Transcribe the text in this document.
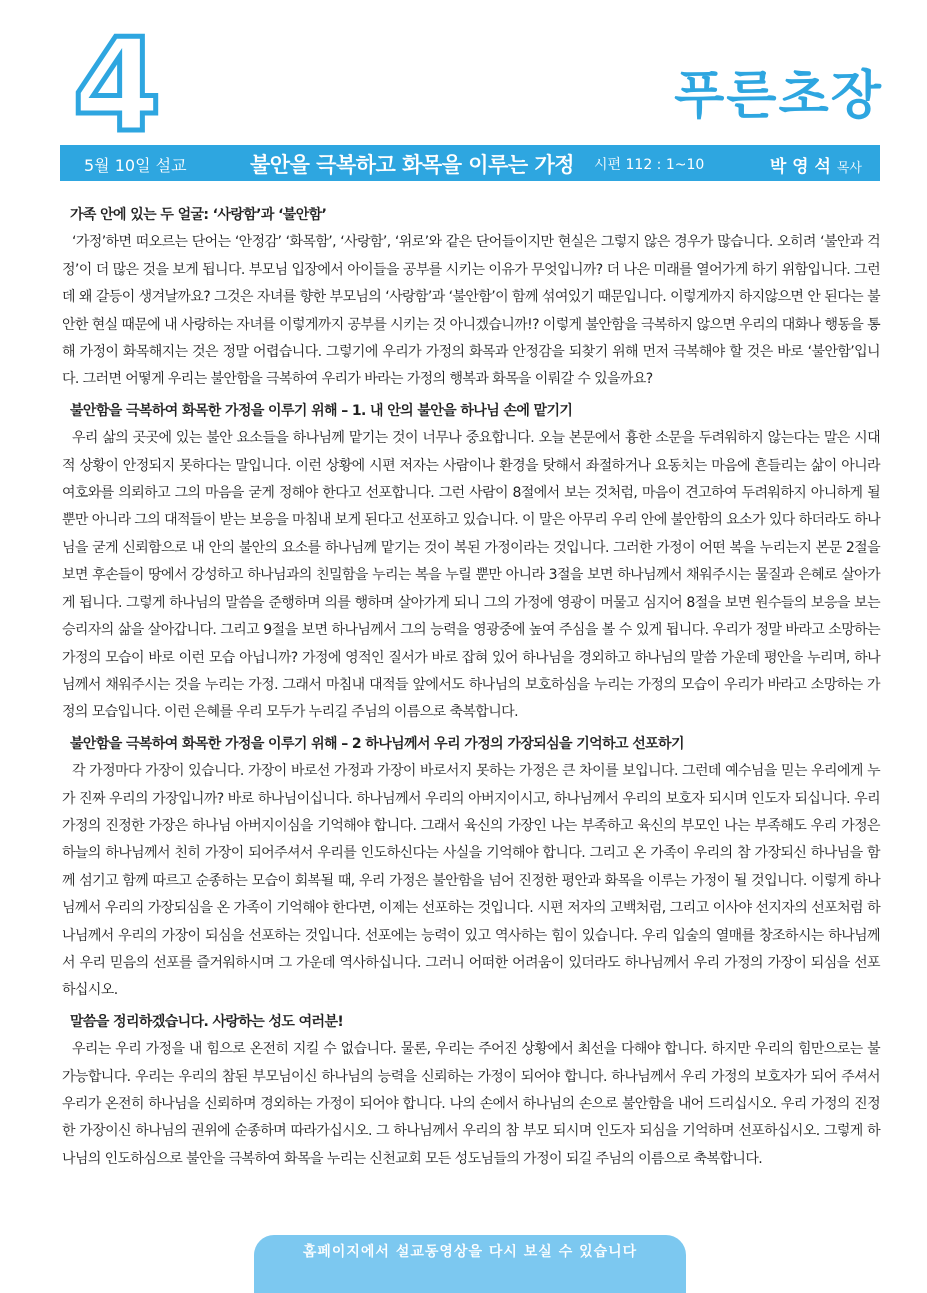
4	푸른초장
5월 10일 설교	불안을 극복하고 화목을 이루는 가정 시편 112 : 1~10	박 영 석 목사
가족 안에 있는 두 얼굴: ‘사랑함’과 ‘불안함’

‘가정’하면 떠오르는 단어는 ‘안정감’ ‘화목함’, ‘사랑함’, ‘위로’와 같은 단어들이지만 현실은 그렇지 않은 경우가 많습니다. 오히려 ‘불안과 걱정’이 더 많은 것을 보게 됩니다. 부모님 입장에서 아이들을 공부를 시키는 이유가 무엇입니까? 더 나은 미래를 열어가게 하기 위함입니다. 그런데 왜 갈등이 생겨날까요? 그것은 자녀를 향한 부모님의 ‘사랑함’과 ‘불안함’이 함께 섞여있기 때문입니다. 이렇게까지 하지않으면 안 된다는 불안한 현실 때문에 내 사랑하는 자녀를 이렇게까지 공부를 시키는 것 아니겠습니까!? 이렇게 불안함을 극복하지 않으면 우리의 대화나 행동을 통해 가정이 화목해지는 것은 정말 어렵습니다. 그렇기에 우리가 가정의 화목과 안정감을 되찾기 위해 먼저 극복해야 할 것은 바로 ‘불안함’입니다. 그러면 어떻게 우리는 불안함을 극복하여 우리가 바라는 가정의 행복과 화목을 이뤄갈 수 있을까요?

불안함을 극복하여 화목한 가정을 이루기 위해 – 1. 내 안의 불안을 하나님 손에 맡기기

우리 삶의 곳곳에 있는 불안 요소들을 하나님께 맡기는 것이 너무나 중요합니다. 오늘 본문에서 흉한 소문을 두려워하지 않는다는 말은 시대적 상황이 안정되지 못하다는 말입니다. 이런 상황에 시편 저자는 사람이나 환경을 탓해서 좌절하거나 요동치는 마음에 흔들리는 삶이 아니라 여호와를 의뢰하고 그의 마음을 굳게 정해야 한다고 선포합니다. 그런 사람이 8절에서 보는 것처럼, 마음이 견고하여 두려워하지 아니하게 될 뿐만 아니라 그의 대적들이 받는 보응을 마침내 보게 된다고 선포하고 있습니다. 이 말은 아무리 우리 안에 불안함의 요소가 있다 하더라도 하나님을 굳게 신뢰함으로 내 안의 불안의 요소를 하나님께 맡기는 것이 복된 가정이라는 것입니다. 그러한 가정이 어떤 복을 누리는지 본문 2절을 보면 후손들이 땅에서 강성하고 하나님과의 친밀함을 누리는 복을 누릴 뿐만 아니라 3절을 보면 하나님께서 채워주시는 물질과 은혜로 살아가게 됩니다. 그렇게 하나님의 말씀을 준행하며 의를 행하며 살아가게 되니 그의 가정에 영광이 머물고 심지어 8절을 보면 원수들의 보응을 보는 승리자의 삶을 살아갑니다. 그리고 9절을 보면 하나님께서 그의 능력을 영광중에 높여 주심을 볼 수 있게 됩니다. 우리가 정말 바라고 소망하는 가정의 모습이 바로 이런 모습 아닙니까? 가정에 영적인 질서가 바로 잡혀 있어 하나님을 경외하고 하나님의 말씀 가운데 평안을 누리며, 하나님께서 채워주시는 것을 누리는 가정. 그래서 마침내 대적들 앞에서도 하나님의 보호하심을 누리는 가정의 모습이 우리가 바라고 소망하는 가정의 모습입니다. 이런 은혜를 우리 모두가 누리길 주님의 이름으로 축복합니다.

불안함을 극복하여 화목한 가정을 이루기 위해 – 2 하나님께서 우리 가정의 가장되심을 기억하고 선포하기

각 가정마다 가장이 있습니다. 가장이 바로선 가정과 가장이 바로서지 못하는 가정은 큰 차이를 보입니다. 그런데 예수님을 믿는 우리에게 누가 진짜 우리의 가장입니까? 바로 하나님이십니다. 하나님께서 우리의 아버지이시고, 하나님께서 우리의 보호자 되시며 인도자 되십니다. 우리 가정의 진정한 가장은 하나님 아버지이심을 기억해야 합니다. 그래서 육신의 가장인 나는 부족하고 육신의 부모인 나는 부족해도 우리 가정은 하늘의 하나님께서 친히 가장이 되어주셔서 우리를 인도하신다는 사실을 기억해야 합니다. 그리고 온 가족이 우리의 참 가장되신 하나님을 함께 섬기고 함께 따르고 순종하는 모습이 회복될 때, 우리 가정은 불안함을 넘어 진정한 평안과 화목을 이루는 가정이 될 것입니다. 이렇게 하나님께서 우리의 가장되심을 온 가족이 기억해야 한다면, 이제는 선포하는 것입니다. 시편 저자의 고백처럼, 그리고 이사야 선지자의 선포처럼 하나님께서 우리의 가장이 되심을 선포하는 것입니다. 선포에는 능력이 있고 역사하는 힘이 있습니다. 우리 입술의 열매를 창조하시는 하나님께서 우리 믿음의 선포를 즐거워하시며 그 가운데 역사하십니다. 그러니 어떠한 어려움이 있더라도 하나님께서 우리 가정의 가장이 되심을 선포하십시오.

말씀을 정리하겠습니다. 사랑하는 성도 여러분!

우리는 우리 가정을 내 힘으로 온전히 지킬 수 없습니다. 물론, 우리는 주어진 상황에서 최선을 다해야 합니다. 하지만 우리의 힘만으로는 불가능합니다. 우리는 우리의 참된 부모님이신 하나님의 능력을 신뢰하는 가정이 되어야 합니다. 하나님께서 우리 가정의 보호자가 되어 주셔서 우리가 온전히 하나님을 신뢰하며 경외하는 가정이 되어야 합니다. 나의 손에서 하나님의 손으로 불안함을 내어 드리십시오. 우리 가정의 진정한 가장이신 하나님의 권위에 순종하며 따라가십시오. 그 하나님께서 우리의 참 부모 되시며 인도자 되심을 기억하며 선포하십시오. 그렇게 하나님의 인도하심으로 불안을 극복하여 화목을 누리는 신천교회 모든 성도님들의 가정이 되길 주님의 이름으로 축복합니다.

홈페이지에서 설교동영상을 다시 보실 수 있습니다
